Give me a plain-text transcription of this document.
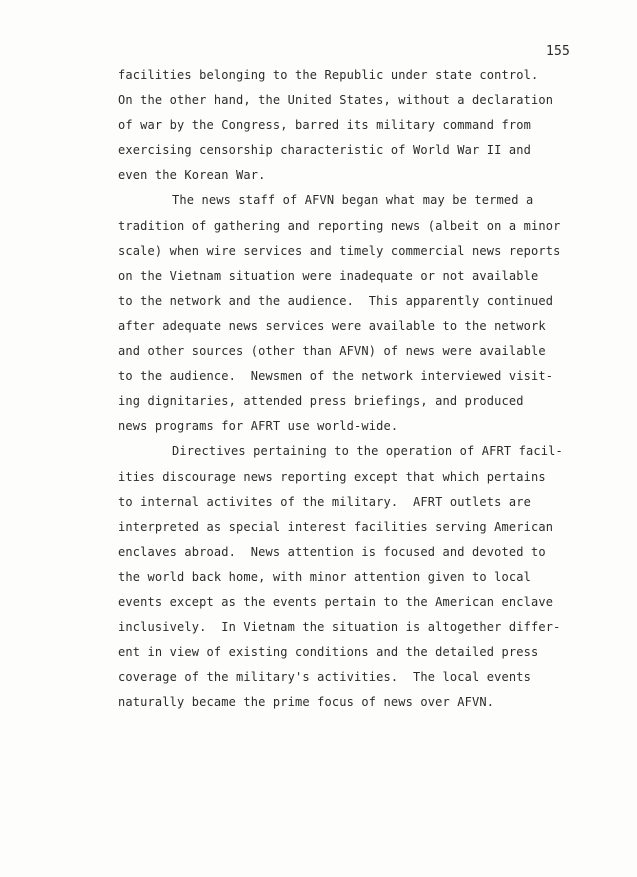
155
facilities belonging to the Republic under state control.
On the other hand, the United States, without a declaration
of war by the Congress, barred its military command from
exercising censorship characteristic of World War II and
even the Korean War.
The news staff of AFVN began what may be termed a
tradition of gathering and reporting news (albeit on a minor
scale) when wire services and timely commercial news reports
on the Vietnam situation were inadequate or not available
to the network and the audience.  This apparently continued
after adequate news services were available to the network
and other sources (other than AFVN) of news were available
to the audience.  Newsmen of the network interviewed visit-
ing dignitaries, attended press briefings, and produced
news programs for AFRT use world-wide.
Directives pertaining to the operation of AFRT facil-
ities discourage news reporting except that which pertains
to internal activites of the military.  AFRT outlets are
interpreted as special interest facilities serving American
enclaves abroad.  News attention is focused and devoted to
the world back home, with minor attention given to local
events except as the events pertain to the American enclave
inclusively.  In Vietnam the situation is altogether differ-
ent in view of existing conditions and the detailed press
coverage of the military's activities.  The local events
naturally became the prime focus of news over AFVN.
